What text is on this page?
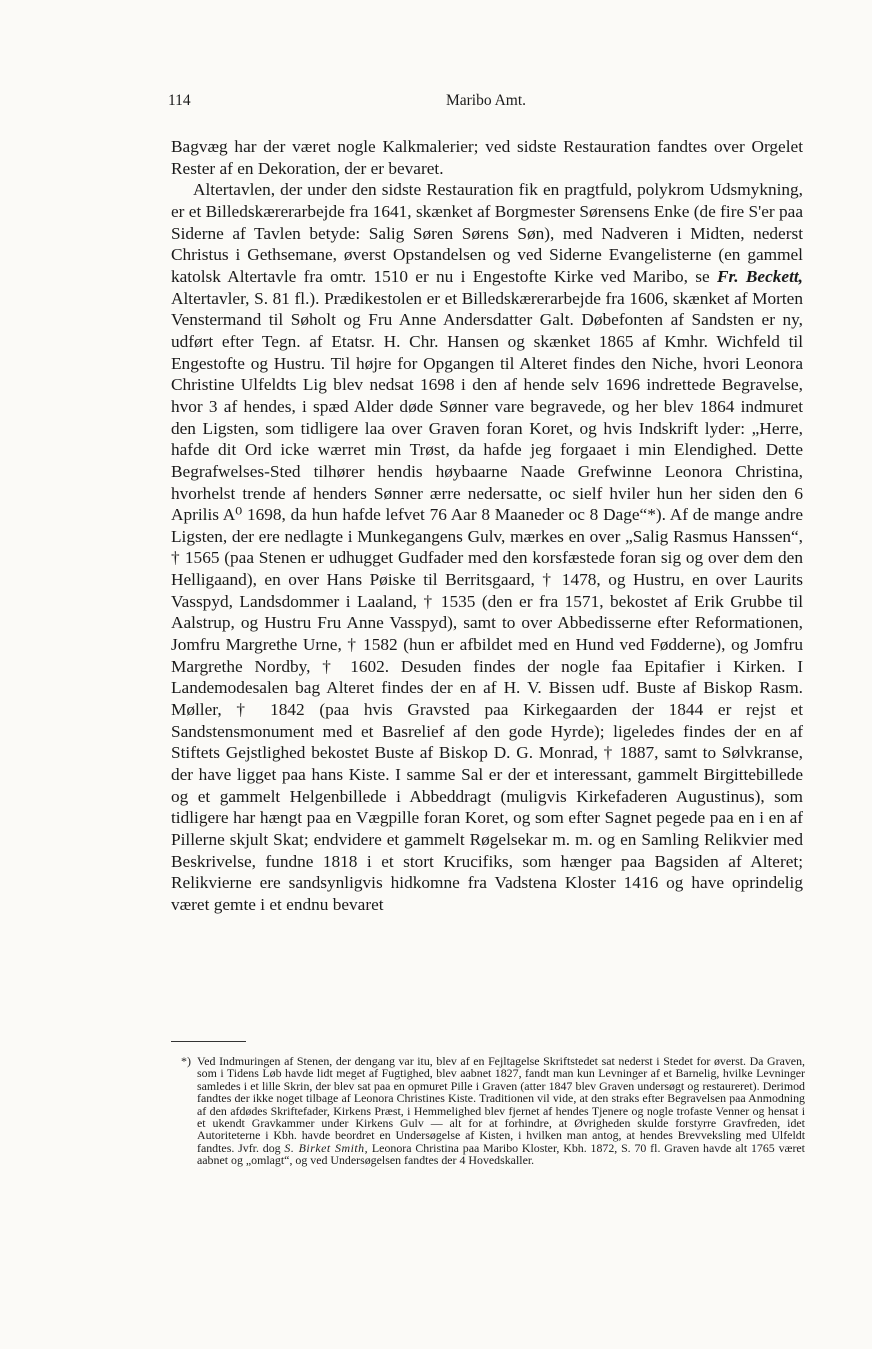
114	Maribo Amt.

Bagvæg har der været nogle Kalkmalerier; ved sidste Restauration fandtes over Orgelet Rester af en Dekoration, der er bevaret.

Altertavlen, der under den sidste Restauration fik en pragtfuld, polykrom Udsmykning, er et Billedskærerarbejde fra 1641, skænket af Borgmester Sørensens Enke (de fire S'er paa Siderne af Tavlen betyde: Salig Søren Sørens Søn), med Nadveren i Midten, nederst Christus i Gethsemane, øverst Opstandelsen og ved Siderne Evangelisterne (en gammel katolsk Altertavle fra omtr. 1510 er nu i Engestofte Kirke ved Maribo, se Fr. Beckett, Altertavler, S. 81 fl.). Prædikestolen er et Billedskærerarbejde fra 1606, skænket af Morten Venstermand til Søholt og Fru Anne Andersdatter Galt. Døbefonten af Sandsten er ny, udført efter Tegn. af Etatsr. H. Chr. Hansen og skænket 1865 af Kmhr. Wichfeld til Engestofte og Hustru. Til højre for Opgangen til Alteret findes den Niche, hvori Leonora Christine Ulfeldts Lig blev nedsat 1698 i den af hende selv 1696 indrettede Begravelse, hvor 3 af hendes, i spæd Alder døde Sønner vare begravede, og her blev 1864 indmuret den Ligsten, som tidligere laa over Graven foran Koret, og hvis Indskrift lyder: „Herre, hafde dit Ord icke wærret min Trøst, da hafde jeg forgaaet i min Elendighed. Dette Begrafwelses-Sted tilhører hendis høybaarne Naade Grefwinne Leonora Christina, hvorhelst trende af henders Sønner ærre nedersatte, oc sielf hviler hun her siden den 6 Aprilis A⁰ 1698, da hun hafde lefvet 76 Aar 8 Maaneder oc 8 Dage“*). Af de mange andre Ligsten, der ere nedlagte i Munkegangens Gulv, mærkes en over „Salig Rasmus Hanssen“, † 1565 (paa Stenen er udhugget Gudfader med den korsfæstede foran sig og over dem den Helligaand), en over Hans Pøiske til Berritsgaard, † 1478, og Hustru, en over Laurits Vasspyd, Landsdommer i Laaland, † 1535 (den er fra 1571, bekostet af Erik Grubbe til Aalstrup, og Hustru Fru Anne Vasspyd), samt to over Abbedisserne efter Reformationen, Jomfru Margrethe Urne, † 1582 (hun er afbildet med en Hund ved Fødderne), og Jomfru Margrethe Nordby, † 1602. Desuden findes der nogle faa Epitafier i Kirken. I Landemodesalen bag Alteret findes der en af H. V. Bissen udf. Buste af Biskop Rasm. Møller, † 1842 (paa hvis Gravsted paa Kirkegaarden der 1844 er rejst et Sandstensmonument med et Basrelief af den gode Hyrde); ligeledes findes der en af Stiftets Gejstlighed bekostet Buste af Biskop D. G. Monrad, † 1887, samt to Sølvkranse, der have ligget paa hans Kiste. I samme Sal er der et interessant, gammelt Birgittebillede og et gammelt Helgenbillede i Abbeddragt (muligvis Kirkefaderen Augustinus), som tidligere har hængt paa en Vægpille foran Koret, og som efter Sagnet pegede paa en i en af Pillerne skjult Skat; endvidere et gammelt Røgelsekar m. m. og en Samling Relikvier med Beskrivelse, fundne 1818 i et stort Krucifiks, som hænger paa Bagsiden af Alteret; Relikvierne ere sandsynligvis hidkomne fra Vadstena Kloster 1416 og have oprindelig været gemte i et endnu bevaret

*) Ved Indmuringen af Stenen, der dengang var itu, blev af en Fejltagelse Skriftstedet sat nederst i Stedet for øverst. Da Graven, som i Tidens Løb havde lidt meget af Fugtighed, blev aabnet 1827, fandt man kun Levninger af et Barnelig, hvilke Levninger samledes i et lille Skrin, der blev sat paa en opmuret Pille i Graven (atter 1847 blev Graven undersøgt og restaureret). Derimod fandtes der ikke noget tilbage af Leonora Christines Kiste. Traditionen vil vide, at den straks efter Begravelsen paa Anmodning af den afdødes Skriftefader, Kirkens Præst, i Hemmelighed blev fjernet af hendes Tjenere og nogle trofaste Venner og hensat i et ukendt Gravkammer under Kirkens Gulv — alt for at forhindre, at Øvrigheden skulde forstyrre Gravfreden, idet Autoriteterne i Kbh. havde beordret en Undersøgelse af Kisten, i hvilken man antog, at hendes Brevveksling med Ulfeldt fandtes. Jvfr. dog S. Birket Smith, Leonora Christina paa Maribo Kloster, Kbh. 1872, S. 70 fl. Graven havde alt 1765 været aabnet og „omlagt“, og ved Undersøgelsen fandtes der 4 Hovedskaller.
